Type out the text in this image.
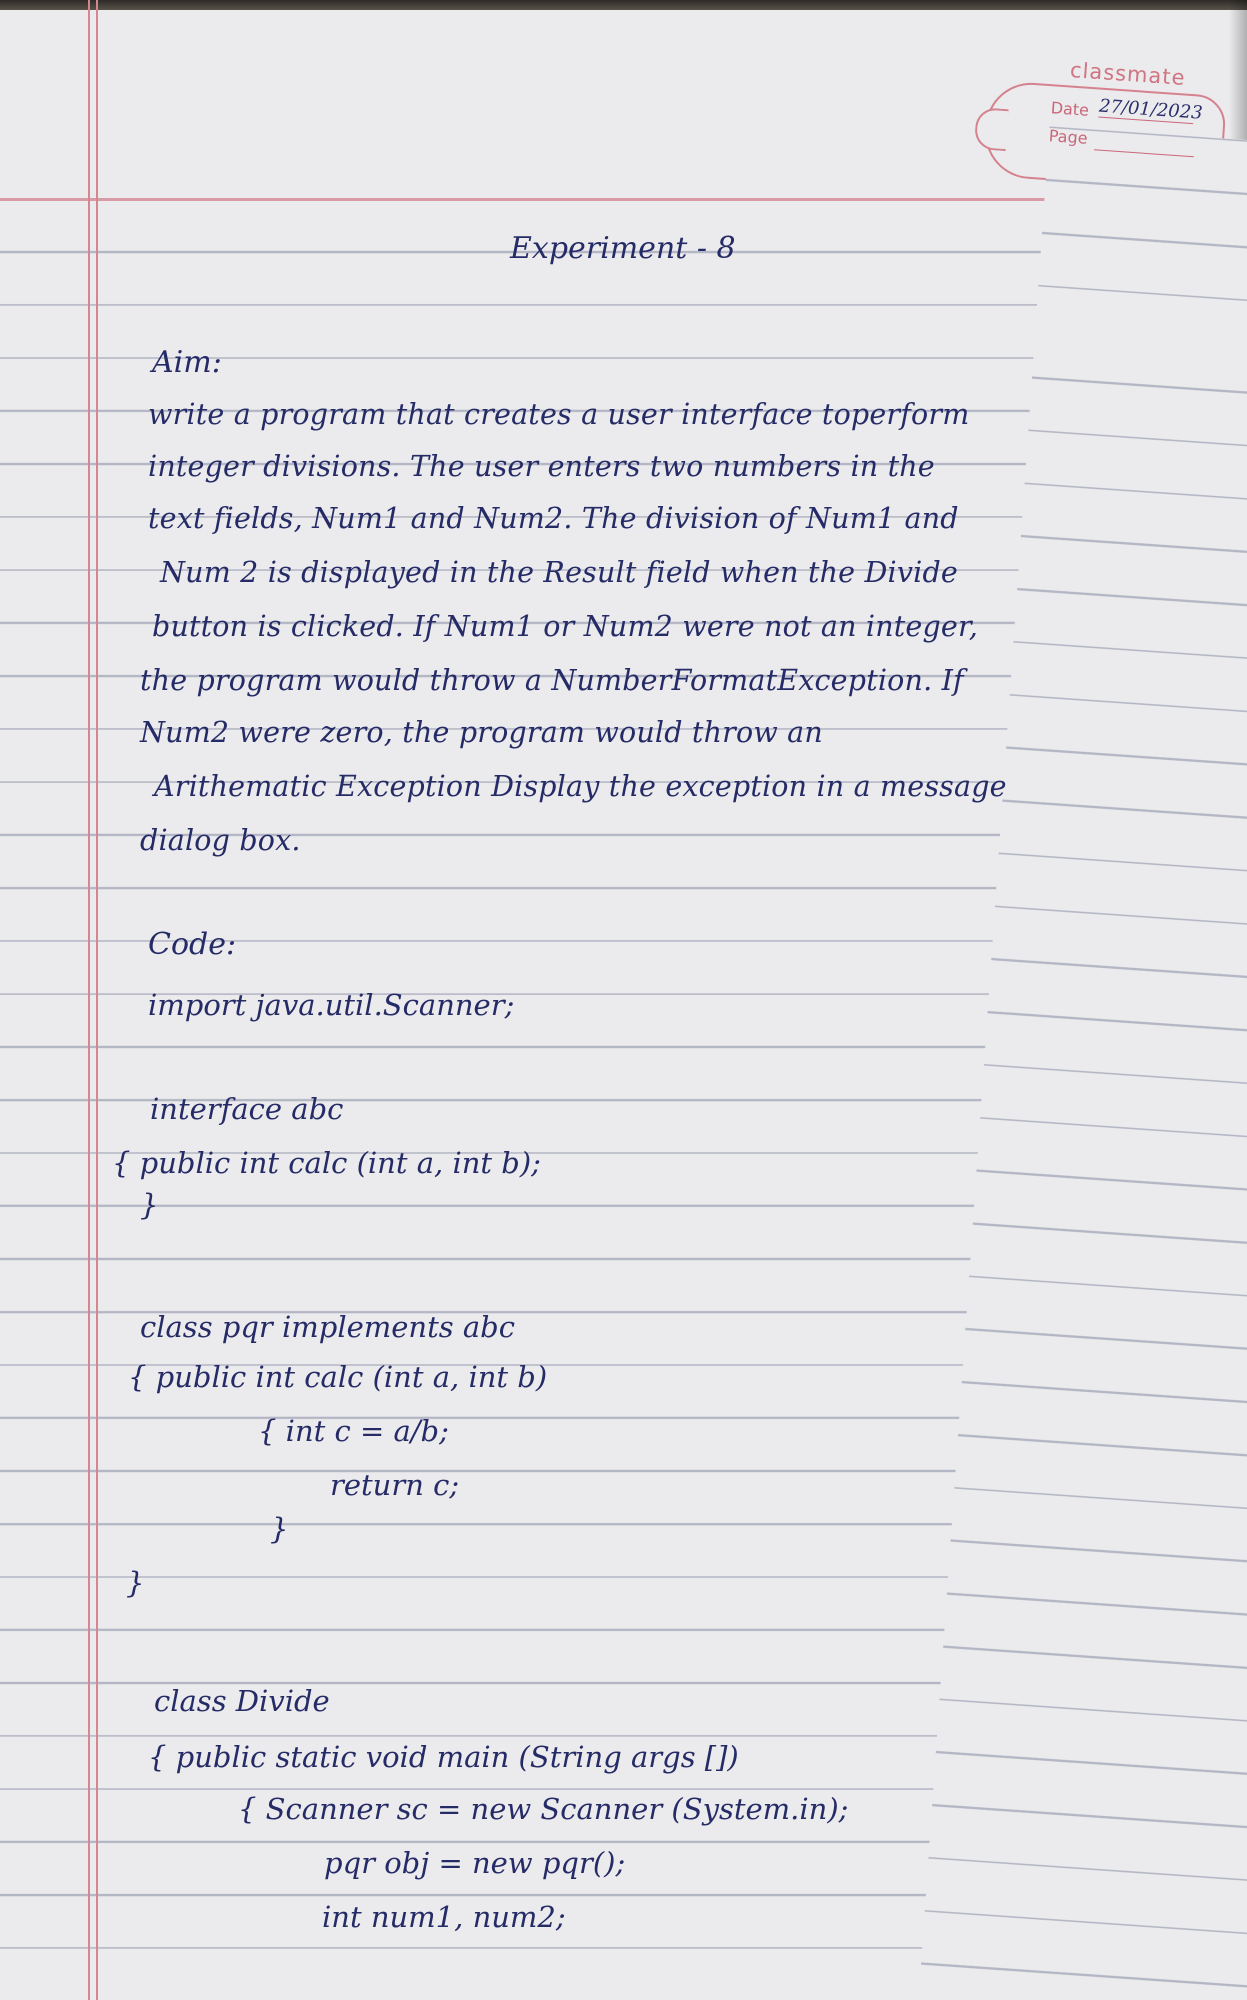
classmate
Date 27/01/2023
Page
Experiment - 8
Aim:
write a program that creates a user interface toperform
integer divisions. The user enters two numbers in the
text fields, Num1 and Num2. The division of Num1 and
Num 2 is displayed in the Result field when the Divide
button is clicked. If Num1 or Num2 were not an integer,
the program would throw a NumberFormatException. If
Num2 were zero, the program would throw an
Arithematic Exception Display the exception in a message
dialog box.
Code:
import java.util.Scanner;
interface abc
{ public int calc (int a, int b);
}
class pqr implements abc
{ public int calc (int a, int b)
{ int c = a/b;
return c;
}
}
class Divide
{ public static void main (String args [])
{ Scanner sc = new Scanner (System.in);
pqr obj = new pqr();
int num1, num2;
